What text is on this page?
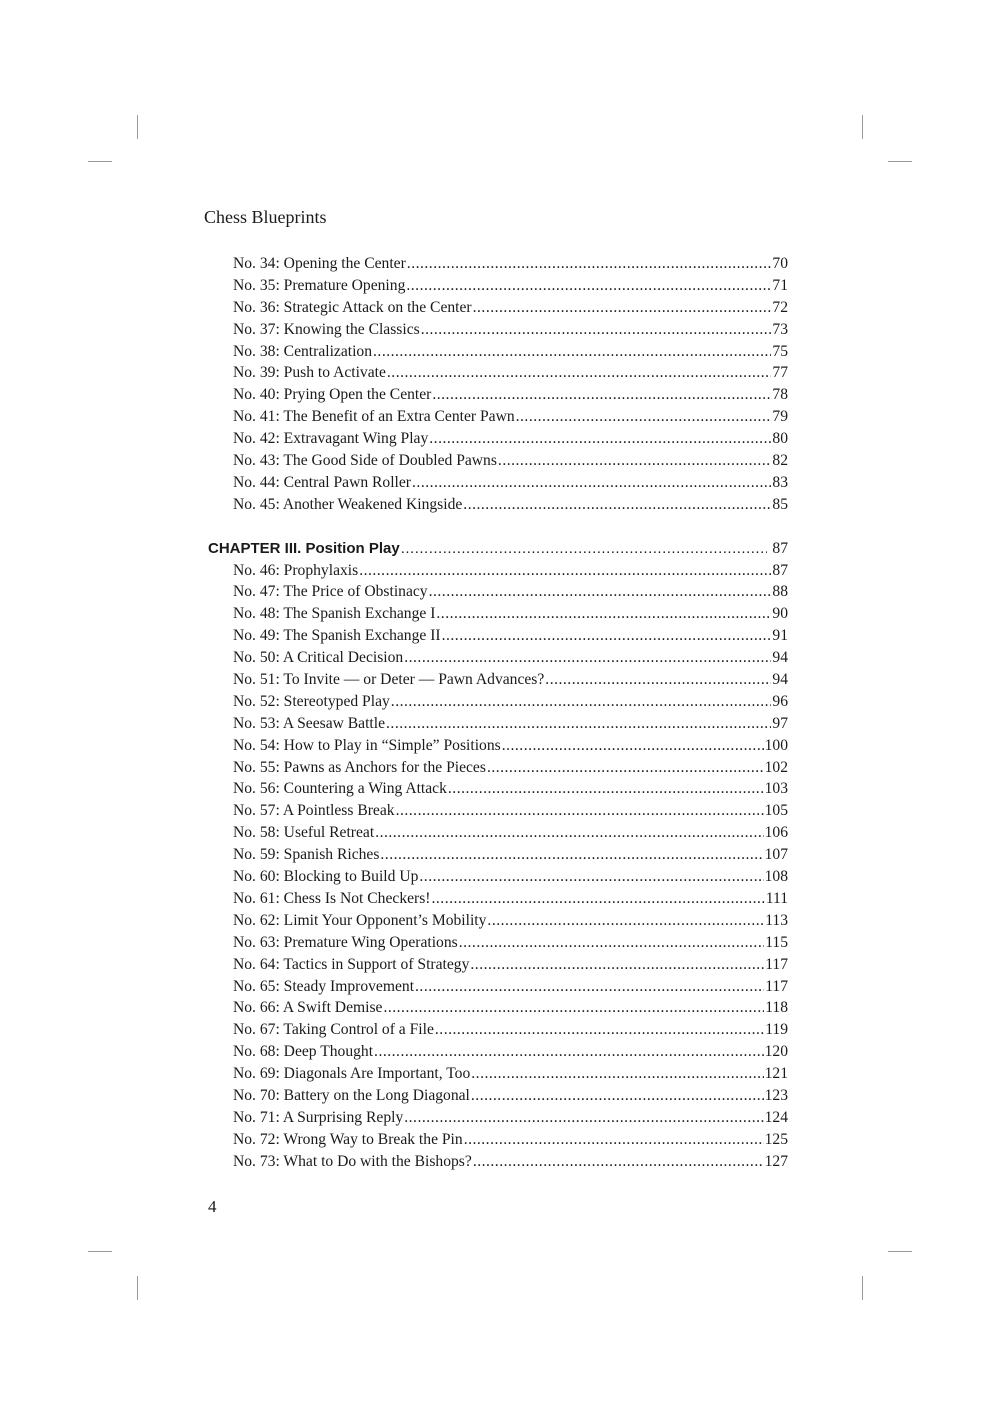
Chess Blueprints
No. 34: Opening the Center .....	70
No. 35: Premature Opening .....	71
No. 36: Strategic Attack on the Center .....	72
No. 37: Knowing the Classics .....	73
No. 38: Centralization .....	75
No. 39: Push to Activate .....	77
No. 40: Prying Open the Center .....	78
No. 41: The Benefit of an Extra Center Pawn .....	79
No. 42: Extravagant Wing Play .....	80
No. 43: The Good Side of Doubled Pawns .....	82
No. 44: Central Pawn Roller .....	83
No. 45: Another Weakened Kingside .....	85
CHAPTER III. Position Play .....	87
No. 46: Prophylaxis .....	87
No. 47: The Price of Obstinacy .....	88
No. 48: The Spanish Exchange I .....	90
No. 49: The Spanish Exchange II .....	91
No. 50: A Critical Decision .....	94
No. 51: To Invite — or Deter — Pawn Advances? .....	94
No. 52: Stereotyped Play .....	96
No. 53: A Seesaw Battle .....	97
No. 54: How to Play in “Simple” Positions .....	100
No. 55: Pawns as Anchors for the Pieces .....	102
No. 56: Countering a Wing Attack .....	103
No. 57: A Pointless Break .....	105
No. 58: Useful Retreat .....	106
No. 59: Spanish Riches .....	107
No. 60: Blocking to Build Up .....	108
No. 61: Chess Is Not Checkers! .....	111
No. 62: Limit Your Opponent’s Mobility .....	113
No. 63: Premature Wing Operations .....	115
No. 64: Tactics in Support of Strategy .....	117
No. 65: Steady Improvement .....	117
No. 66: A Swift Demise .....	118
No. 67: Taking Control of a File .....	119
No. 68: Deep Thought .....	120
No. 69: Diagonals Are Important, Too .....	121
No. 70: Battery on the Long Diagonal .....	123
No. 71: A Surprising Reply .....	124
No. 72: Wrong Way to Break the Pin .....	125
No. 73: What to Do with the Bishops? .....	127
4
